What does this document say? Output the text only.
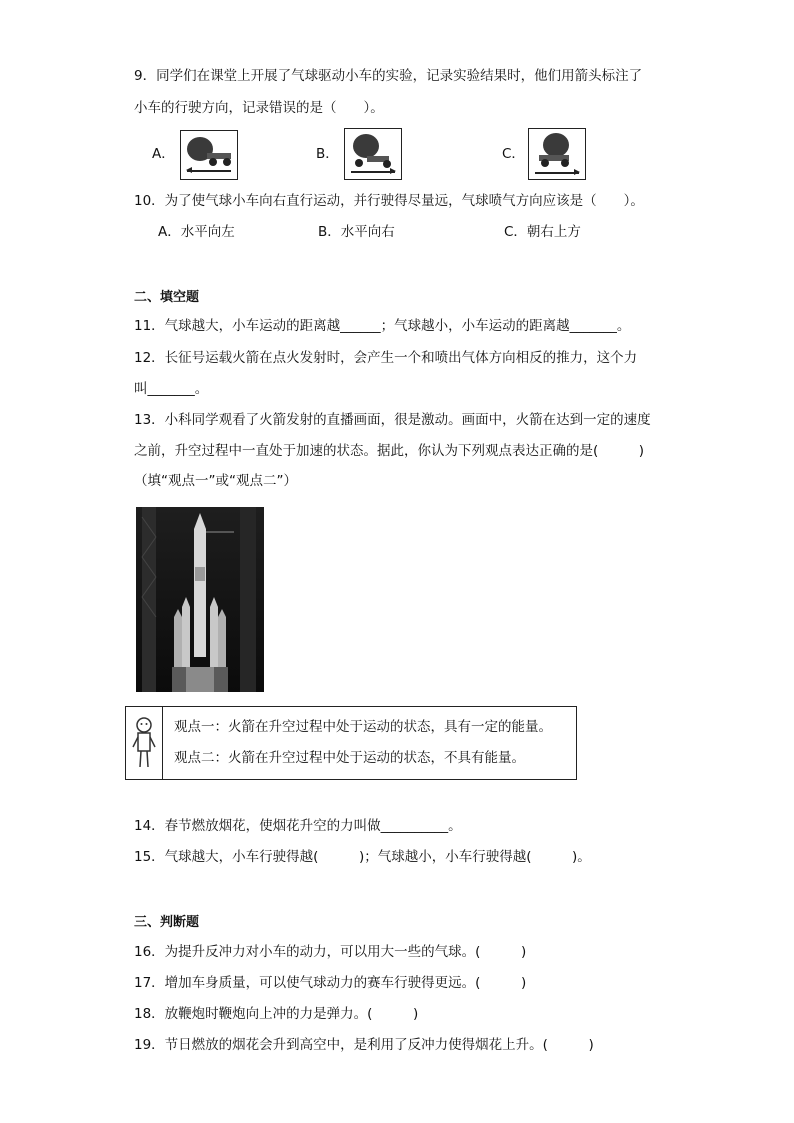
9．同学们在课堂上开展了气球驱动小车的实验，记录实验结果时，他们用箭头标注了
小车的行驶方向，记录错误的是（　　）。
A．	B．	C．
10．为了使气球小车向右直行运动，并行驶得尽量远，气球喷气方向应该是（　　）。
A．水平向左	B．水平向右	C．朝右上方
二、填空题
11．气球越大，小车运动的距离越______；气球越小，小车运动的距离越_______。
12．长征号运载火箭在点火发射时，会产生一个和喷出气体方向相反的推力，这个力
叫_______。
13．小科同学观看了火箭发射的直播画面，很是激动。画面中，火箭在达到一定的速度
之前，升空过程中一直处于加速的状态。据此，你认为下列观点表达正确的是(　　　)
（填“观点一”或“观点二”）
观点一：火箭在升空过程中处于运动的状态，具有一定的能量。
观点二：火箭在升空过程中处于运动的状态，不具有能量。
14．春节燃放烟花，使烟花升空的力叫做__________。
15．气球越大，小车行驶得越(　　　)；气球越小，小车行驶得越(　　　)。
三、判断题
16．为提升反冲力对小车的动力，可以用大一些的气球。(　　　)
17．增加车身质量，可以使气球动力的赛车行驶得更远。(　　　)
18．放鞭炮时鞭炮向上冲的力是弹力。(　　　)
19．节日燃放的烟花会升到高空中，是利用了反冲力使得烟花上升。(　　　)
